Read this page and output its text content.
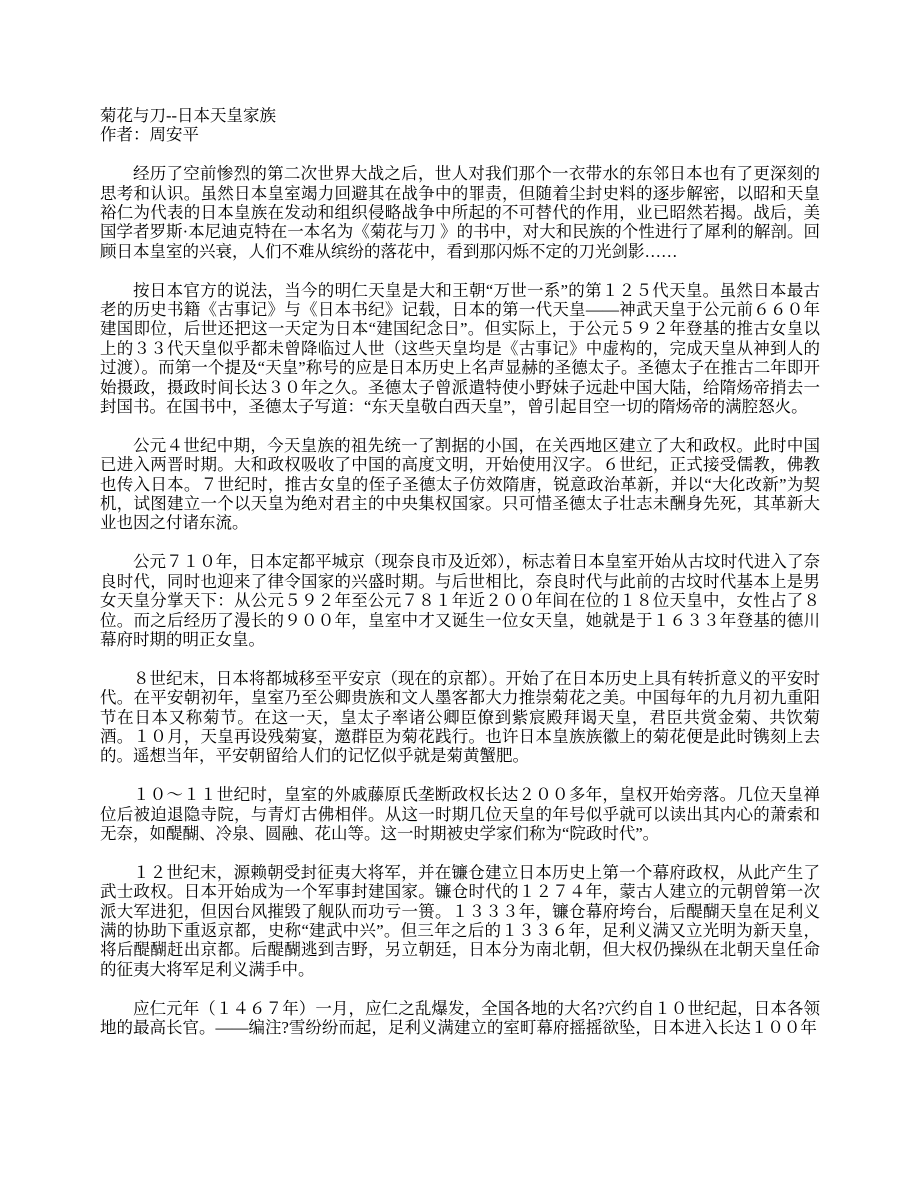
菊花与刀--日本天皇家族
作者：周安平

经历了空前惨烈的第二次世界大战之后，世人对我们那个一衣带水的东邻日本也有了更深刻的思考和认识。虽然日本皇室竭力回避其在战争中的罪责，但随着尘封史料的逐步解密，以昭和天皇裕仁为代表的日本皇族在发动和组织侵略战争中所起的不可替代的作用，业已昭然若揭。战后，美国学者罗斯·本尼迪克特在一本名为《菊花与刀 》的书中，对大和民族的个性进行了犀利的解剖。回顾日本皇室的兴衰，人们不难从缤纷的落花中，看到那闪烁不定的刀光剑影……

按日本官方的说法，当今的明仁天皇是大和王朝“万世一系”的第１２５代天皇。虽然日本最古老的历史书籍《古事记》与《日本书纪》记载，日本的第一代天皇——神武天皇于公元前６６０年建国即位，后世还把这一天定为日本“建国纪念日”。但实际上，于公元５９２年登基的推古女皇以上的３３代天皇似乎都未曾降临过人世（这些天皇均是《古事记》中虚构的，完成天皇从神到人的过渡）。而第一个提及“天皇”称号的应是日本历史上名声显赫的圣德太子。圣德太子在推古二年即开始摄政，摄政时间长达３０年之久。圣德太子曾派遣特使小野妹子远赴中国大陆，给隋炀帝捎去一封国书。在国书中，圣德太子写道：“东天皇敬白西天皇”，曾引起目空一切的隋炀帝的满腔怒火。

公元４世纪中期，今天皇族的祖先统一了割据的小国，在关西地区建立了大和政权。此时中国已进入两晋时期。大和政权吸收了中国的高度文明，开始使用汉字。６世纪，正式接受儒教，佛教也传入日本。７世纪时，推古女皇的侄子圣德太子仿效隋唐，锐意政治革新，并以“大化改新”为契机，试图建立一个以天皇为绝对君主的中央集权国家。只可惜圣德太子壮志未酬身先死，其革新大业也因之付诸东流。

公元７１０年，日本定都平城京（现奈良市及近郊），标志着日本皇室开始从古坟时代进入了奈良时代，同时也迎来了律令国家的兴盛时期。与后世相比，奈良时代与此前的古坟时代基本上是男女天皇分掌天下：从公元５９２年至公元７８１年近２００年间在位的１８位天皇中，女性占了８位。而之后经历了漫长的９００年，皇室中才又诞生一位女天皇，她就是于１６３３年登基的德川幕府时期的明正女皇。

８世纪末，日本将都城移至平安京（现在的京都）。开始了在日本历史上具有转折意义的平安时代。在平安朝初年，皇室乃至公卿贵族和文人墨客都大力推崇菊花之美。中国每年的九月初九重阳节在日本又称菊节。在这一天，皇太子率诸公卿臣僚到紫宸殿拜谒天皇，君臣共赏金菊、共饮菊酒。１０月，天皇再设残菊宴，邀群臣为菊花践行。也许日本皇族族徽上的菊花便是此时镌刻上去的。遥想当年，平安朝留给人们的记忆似乎就是菊黄蟹肥。

１０～１１世纪时，皇室的外戚藤原氏垄断政权长达２００多年，皇权开始旁落。几位天皇禅位后被迫退隐寺院，与青灯古佛相伴。从这一时期几位天皇的年号似乎就可以读出其内心的萧索和无奈，如醍醐、冷泉、圆融、花山等。这一时期被史学家们称为“院政时代”。

１２世纪末，源赖朝受封征夷大将军，并在镰仓建立日本历史上第一个幕府政权，从此产生了武士政权。日本开始成为一个军事封建国家。镰仓时代的１２７４年，蒙古人建立的元朝曾第一次派大军进犯，但因台风摧毁了舰队而功亏一篑。１３３３年，镰仓幕府垮台，后醍醐天皇在足利义满的协助下重返京都，史称“建武中兴”。但三年之后的１３３６年，足利义满又立光明为新天皇，将后醍醐赶出京都。后醍醐逃到吉野，另立朝廷，日本分为南北朝，但大权仍操纵在北朝天皇任命的征夷大将军足利义满手中。

应仁元年（１４６７年）一月，应仁之乱爆发，全国各地的大名?穴约自１０世纪起，日本各领地的最高长官。——编注?雪纷纷而起，足利义满建立的室町幕府摇摇欲坠，日本进入长达１００年
